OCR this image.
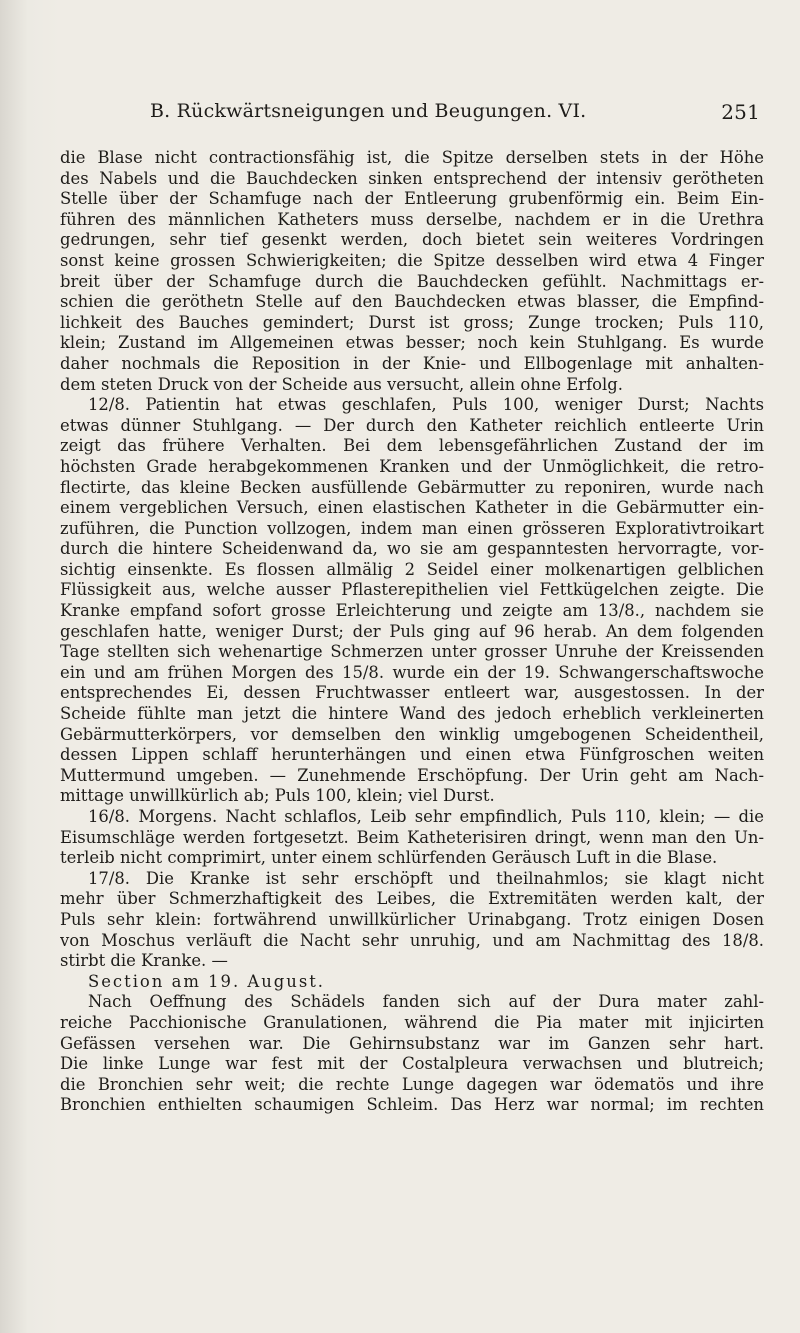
B. Rückwärtsneigungen und Beugungen. VI.	251
die Blase nicht contractionsfähig ist, die Spitze derselben stets in der Höhe
des Nabels und die Bauchdecken sinken entsprechend der intensiv gerötheten
Stelle über der Schamfuge nach der Entleerung grubenförmig ein. Beim Ein-
führen des männlichen Katheters muss derselbe, nachdem er in die Urethra
gedrungen, sehr tief gesenkt werden, doch bietet sein weiteres Vordringen
sonst keine grossen Schwierigkeiten; die Spitze desselben wird etwa 4 Finger
breit über der Schamfuge durch die Bauchdecken gefühlt. Nachmittags er-
schien die geröthetn Stelle auf den Bauchdecken etwas blasser, die Empfind-
lichkeit des Bauches gemindert; Durst ist gross; Zunge trocken; Puls 110,
klein; Zustand im Allgemeinen etwas besser; noch kein Stuhlgang. Es wurde
daher nochmals die Reposition in der Knie- und Ellbogenlage mit anhalten-
dem steten Druck von der Scheide aus versucht, allein ohne Erfolg.
12/8. Patientin hat etwas geschlafen, Puls 100, weniger Durst; Nachts
etwas dünner Stuhlgang. — Der durch den Katheter reichlich entleerte Urin
zeigt das frühere Verhalten. Bei dem lebensgefährlichen Zustand der im
höchsten Grade herabgekommenen Kranken und der Unmöglichkeit, die retro-
flectirte, das kleine Becken ausfüllende Gebärmutter zu reponiren, wurde nach
einem vergeblichen Versuch, einen elastischen Katheter in die Gebärmutter ein-
zuführen, die Punction vollzogen, indem man einen grösseren Explorativtroikart
durch die hintere Scheidenwand da, wo sie am gespanntesten hervorragte, vor-
sichtig einsenkte. Es flossen allmälig 2 Seidel einer molkenartigen gelblichen
Flüssigkeit aus, welche ausser Pflasterepithelien viel Fettkügelchen zeigte. Die
Kranke empfand sofort grosse Erleichterung und zeigte am 13/8., nachdem sie
geschlafen hatte, weniger Durst; der Puls ging auf 96 herab. An dem folgenden
Tage stellten sich wehenartige Schmerzen unter grosser Unruhe der Kreissenden
ein und am frühen Morgen des 15/8. wurde ein der 19. Schwangerschaftswoche
entsprechendes Ei, dessen Fruchtwasser entleert war, ausgestossen. In der
Scheide fühlte man jetzt die hintere Wand des jedoch erheblich verkleinerten
Gebärmutterkörpers, vor demselben den winklig umgebogenen Scheidentheil,
dessen Lippen schlaff herunterhängen und einen etwa Fünfgroschen weiten
Muttermund umgeben. — Zunehmende Erschöpfung. Der Urin geht am Nach-
mittage unwillkürlich ab; Puls 100, klein; viel Durst.
16/8. Morgens. Nacht schlaflos, Leib sehr empfindlich, Puls 110, klein; — die
Eisumschläge werden fortgesetzt. Beim Katheterisiren dringt, wenn man den Un-
terleib nicht comprimirt, unter einem schlürfenden Geräusch Luft in die Blase.
17/8. Die Kranke ist sehr erschöpft und theilnahmlos; sie klagt nicht
mehr über Schmerzhaftigkeit des Leibes, die Extremitäten werden kalt, der
Puls sehr klein: fortwährend unwillkürlicher Urinabgang. Trotz einigen Dosen
von Moschus verläuft die Nacht sehr unruhig, und am Nachmittag des 18/8.
stirbt die Kranke. —
Section am 19. August.
Nach Oeffnung des Schädels fanden sich auf der Dura mater zahl-
reiche Pacchionische Granulationen, während die Pia mater mit injicirten
Gefässen versehen war. Die Gehirnsubstanz war im Ganzen sehr hart.
Die linke Lunge war fest mit der Costalpleura verwachsen und blutreich;
die Bronchien sehr weit; die rechte Lunge dagegen war ödematös und ihre
Bronchien enthielten schaumigen Schleim. Das Herz war normal; im rechten
